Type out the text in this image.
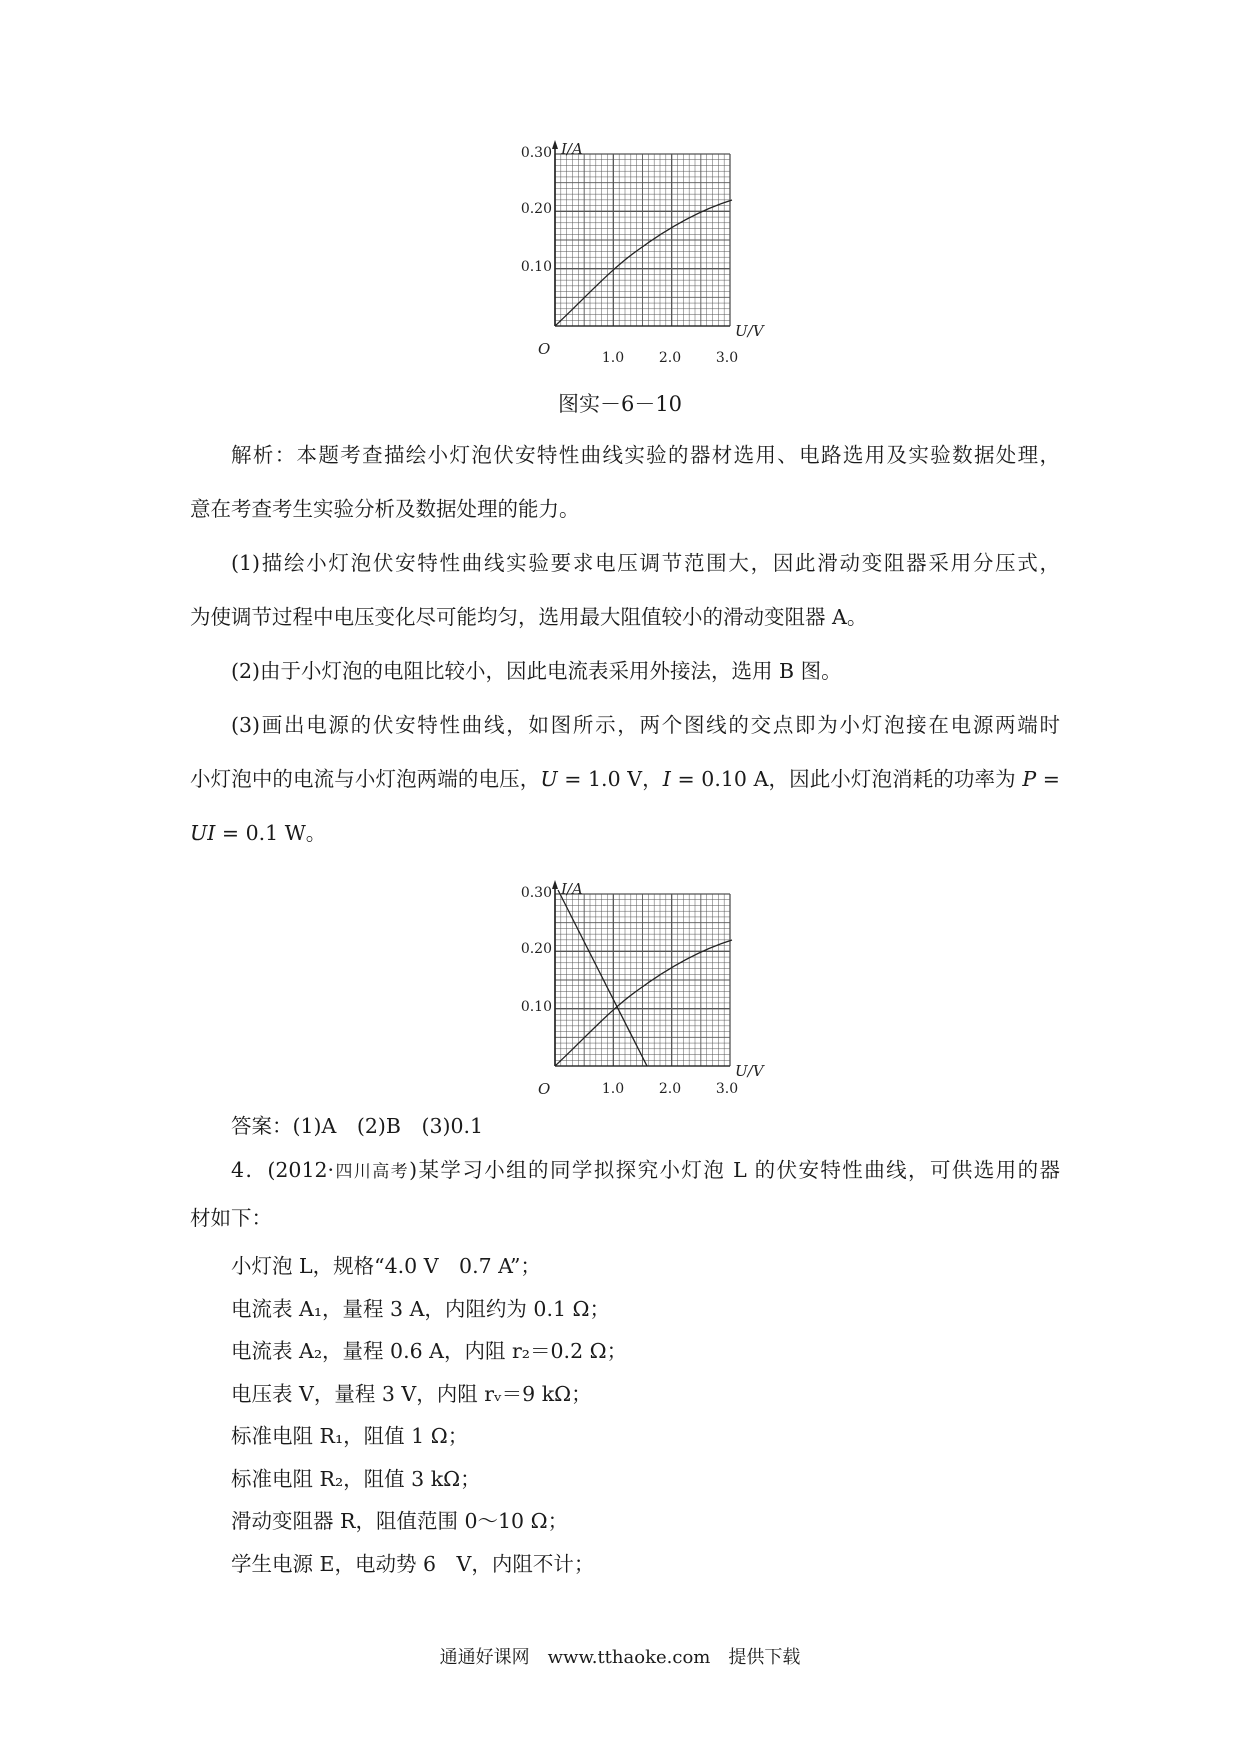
I/A
U/V
O
0.10
0.20
0.30
1.0 2.0 3.0
图实－6－10
解析：本题考查描绘小灯泡伏安特性曲线实验的器材选用、电路选用及实验数据处理，
意在考查考生实验分析及数据处理的能力。
(1)描绘小灯泡伏安特性曲线实验要求电压调节范围大，因此滑动变阻器采用分压式，
为使调节过程中电压变化尽可能均匀，选用最大阻值较小的滑动变阻器 A。
(2)由于小灯泡的电阻比较小，因此电流表采用外接法，选用 B 图。
(3)画出电源的伏安特性曲线，如图所示，两个图线的交点即为小灯泡接在电源两端时
小灯泡中的电流与小灯泡两端的电压，U = 1.0 V，I = 0.10 A，因此小灯泡消耗的功率为 P =
UI = 0.1 W。
I/A
U/V
O
0.10
0.20
0.30
1.0 2.0 3.0
答案：(1)A　(2)B　(3)0.1
4．(2012·四川高考)某学习小组的同学拟探究小灯泡 L 的伏安特性曲线，可供选用的器
材如下：
小灯泡 L，规格“4.0 V　0.7 A”；
电流表 A₁，量程 3 A，内阻约为 0.1 Ω；
电流表 A₂，量程 0.6 A，内阻 r₂＝0.2 Ω；
电压表 V，量程 3 V，内阻 rᵥ＝9 kΩ；
标准电阻 R₁，阻值 1 Ω；
标准电阻 R₂，阻值 3 kΩ；
滑动变阻器 R，阻值范围 0～10 Ω；
学生电源 E，电动势 6　V，内阻不计；
通通好课网　www.tthaoke.com　提供下载
